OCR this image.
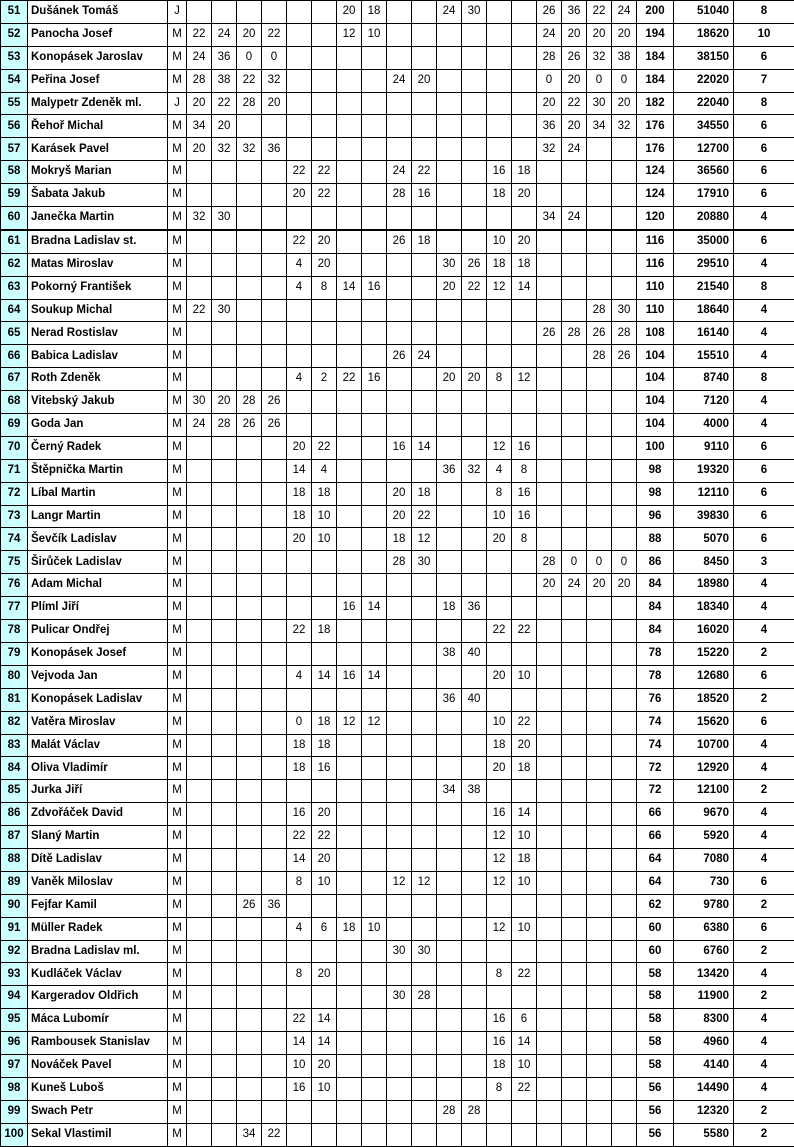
51	Dušánek Tomáš	J							20	18			24	30			26	36	22	24	200	51040	8
52	Panocha Josef	M	22	24	20	22			12	10							24	20	20	20	194	18620	10
53	Konopásek Jaroslav	M	24	36	0	0											28	26	32	38	184	38150	6
54	Peřina Josef	M	28	38	22	32					24	20					0	20	0	0	184	22020	7
55	Malypetr Zdeněk ml.	J	20	22	28	20											20	22	30	20	182	22040	8
56	Řehoř Michal	M	34	20													36	20	34	32	176	34550	6
57	Karásek Pavel	M	20	32	32	36											32	24			176	12700	6
58	Mokryš Marian	M					22	22			24	22			16	18					124	36560	6
59	Šabata Jakub	M					20	22			28	16			18	20					124	17910	6
60	Janečka Martin	M	32	30													34	24			120	20880	4
61	Bradna Ladislav st.	M					22	20			26	18			10	20					116	35000	6
62	Matas Miroslav	M					4	20					30	26	18	18					116	29510	4
63	Pokorný František	M					4	8	14	16			20	22	12	14					110	21540	8
64	Soukup Michal	M	22	30															28	30	110	18640	4
65	Nerad Rostislav	M															26	28	26	28	108	16140	4
66	Babica Ladislav	M									26	24							28	26	104	15510	4
67	Roth Zdeněk	M					4	2	22	16			20	20	8	12					104	8740	8
68	Vitebský Jakub	M	30	20	28	26															104	7120	4
69	Goda Jan	M	24	28	26	26															104	4000	4
70	Černý Radek	M					20	22			16	14			12	16					100	9110	6
71	Štěpnička Martin	M					14	4					36	32	4	8					98	19320	6
72	Líbal Martin	M					18	18			20	18			8	16					98	12110	6
73	Langr Martin	M					18	10			20	22			10	16					96	39830	6
74	Ševčík Ladislav	M					20	10			18	12			20	8					88	5070	6
75	Širůček Ladislav	M									28	30					28	0	0	0	86	8450	3
76	Adam Michal	M															20	24	20	20	84	18980	4
77	Plíml Jiří	M							16	14			18	36							84	18340	4
78	Pulicar Ondřej	M					22	18							22	22					84	16020	4
79	Konopásek Josef	M											38	40							78	15220	2
80	Vejvoda Jan	M					4	14	16	14					20	10					78	12680	6
81	Konopásek Ladislav	M											36	40							76	18520	2
82	Vatěra Miroslav	M					0	18	12	12					10	22					74	15620	6
83	Malát Václav	M					18	18							18	20					74	10700	4
84	Oliva Vladimír	M					18	16							20	18					72	12920	4
85	Jurka Jiří	M											34	38							72	12100	2
86	Zdvořáček David	M					16	20							16	14					66	9670	4
87	Slaný Martin	M					22	22							12	10					66	5920	4
88	Dítě Ladislav	M					14	20							12	18					64	7080	4
89	Vaněk Miloslav	M					8	10			12	12			12	10					64	730	6
90	Fejfar Kamil	M			26	36															62	9780	2
91	Müller Radek	M					4	6	18	10					12	10					60	6380	6
92	Bradna Ladislav ml.	M									30	30									60	6760	2
93	Kudláček Václav	M					8	20							8	22					58	13420	4
94	Kargeradov Oldřich	M									30	28									58	11900	2
95	Máca Lubomír	M					22	14							16	6					58	8300	4
96	Rambousek Stanislav	M					14	14							16	14					58	4960	4
97	Nováček Pavel	M					10	20							18	10					58	4140	4
98	Kuneš Luboš	M					16	10							8	22					56	14490	4
99	Swach Petr	M											28	28							56	12320	2
100	Sekal Vlastimil	M			34	22															56	5580	2
